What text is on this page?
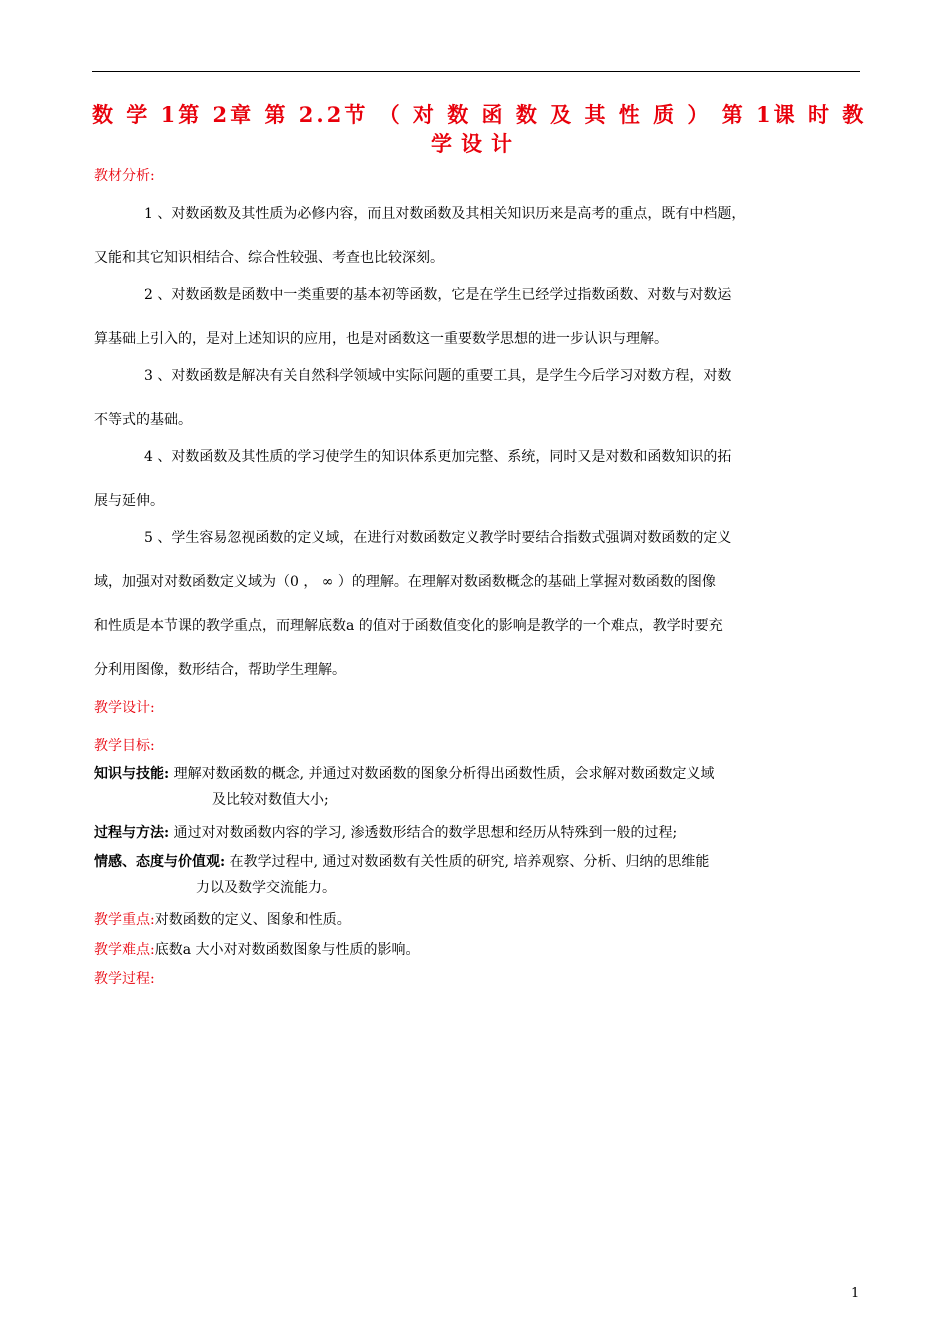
数 学 1第 2章 第 2.2节 （ 对 数 函 数 及 其 性 质 ） 第 1课 时 教
学设计
教材分析:
1 、对数函数及其性质为必修内容，而且对数函数及其相关知识历来是高考的重点，既有中档题，
又能和其它知识相结合、综合性较强、考查也比较深刻。
2 、对数函数是函数中一类重要的基本初等函数，它是在学生已经学过指数函数、对数与对数运
算基础上引入的，是对上述知识的应用，也是对函数这一重要数学思想的进一步认识与理解。
3 、对数函数是解决有关自然科学领域中实际问题的重要工具，是学生今后学习对数方程，对数
不等式的基础。
4 、对数函数及其性质的学习使学生的知识体系更加完整、系统，同时又是对数和函数知识的拓
展与延伸。
5 、学生容易忽视函数的定义域，在进行对数函数定义教学时要结合指数式强调对数函数的定义
域，加强对对数函数定义域为（0 ， ∞ ）的理解。在理解对数函数概念的基础上掌握对数函数的图像
和性质是本节课的教学重点，而理解底数a 的值对于函数值变化的影响是教学的一个难点，教学时要充
分利用图像，数形结合，帮助学生理解。
教学设计:
教学目标:
知识与技能: 理解对数函数的概念, 并通过对数函数的图象分析得出函数性质，会求解对数函数定义域
及比较对数值大小;
过程与方法: 通过对对数函数内容的学习, 渗透数形结合的数学思想和经历从特殊到一般的过程;
情感、态度与价值观: 在教学过程中, 通过对数函数有关性质的研究, 培养观察、分析、归纳的思维能
力以及数学交流能力。
教学重点:对数函数的定义、图象和性质。
教学难点:底数a 大小对对数函数图象与性质的影响。
教学过程:
1
